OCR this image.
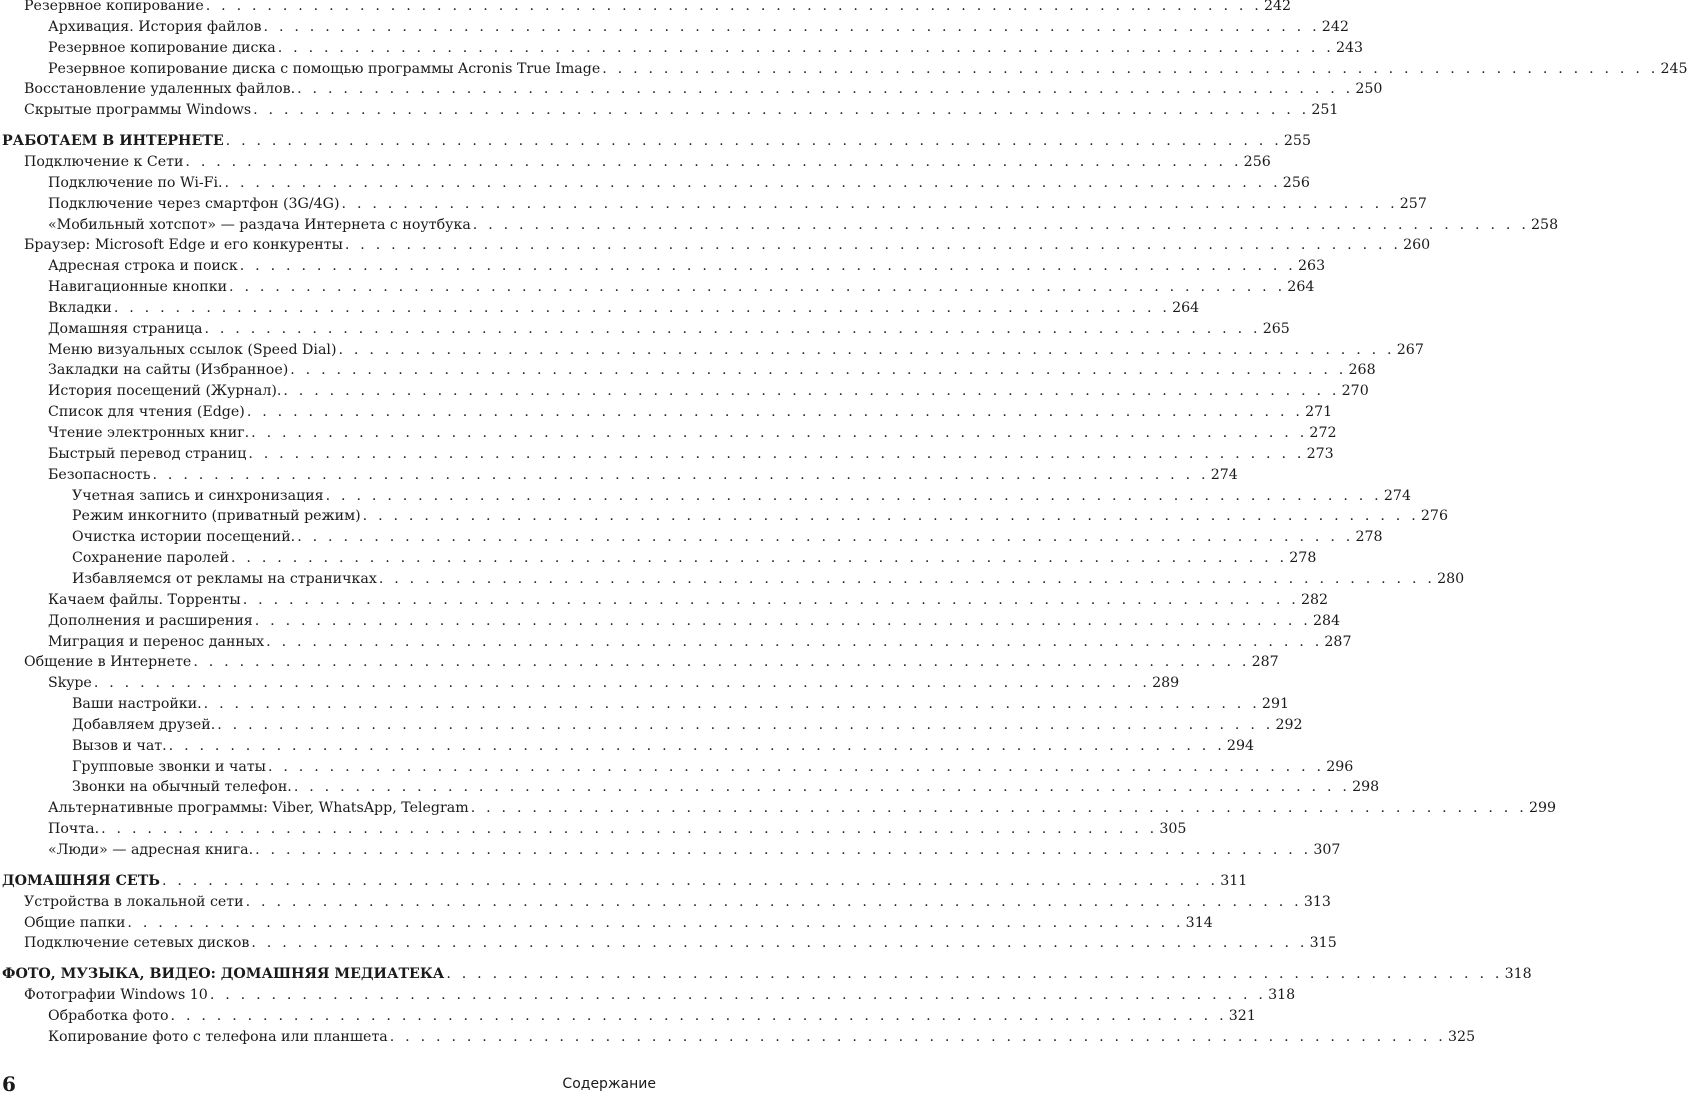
Резервное копирование . . . . . . . . . . . . . . . . . . . . . . . . . . . . . . . . . . . . . . . . . . . . . . . . . . . . . . . . . . . . . . . . . . . . . 242
Архивация. История файлов . . . . . . . . . . . . . . . . . . . . . . . . . . . . . . . . . . . . . . . . . . . . . . . . . . . . . . . . . . . . . . . . . . . . . 242
Резервное копирование диска . . . . . . . . . . . . . . . . . . . . . . . . . . . . . . . . . . . . . . . . . . . . . . . . . . . . . . . . . . . . . . . . . . . . . 243
Резервное копирование диска с помощью программы Acronis True Image . . . . . . . . . . . . . . . . . . . . . . . . . . . . . . . . . . . . . . . . . . . . . . . . . . . . . . . . . . . . . . . . . . . . . 245
Восстановление удаленных файлов. . . . . . . . . . . . . . . . . . . . . . . . . . . . . . . . . . . . . . . . . . . . . . . . . . . . . . . . . . . . . . . . . . . . . . 250
Скрытые программы Windows . . . . . . . . . . . . . . . . . . . . . . . . . . . . . . . . . . . . . . . . . . . . . . . . . . . . . . . . . . . . . . . . . . . . . 251
РАБОТАЕМ В ИНТЕРНЕТЕ . . . . . . . . . . . . . . . . . . . . . . . . . . . . . . . . . . . . . . . . . . . . . . . . . . . . . . . . . . . . . . . . . . . . . 255
Подключение к Сети . . . . . . . . . . . . . . . . . . . . . . . . . . . . . . . . . . . . . . . . . . . . . . . . . . . . . . . . . . . . . . . . . . . . . 256
Подключение по Wi-Fi. . . . . . . . . . . . . . . . . . . . . . . . . . . . . . . . . . . . . . . . . . . . . . . . . . . . . . . . . . . . . . . . . . . . . . 256
Подключение через смартфон (3G/4G) . . . . . . . . . . . . . . . . . . . . . . . . . . . . . . . . . . . . . . . . . . . . . . . . . . . . . . . . . . . . . . . . . . . . . 257
«Мобильный хотспот» — раздача Интернета с ноутбука . . . . . . . . . . . . . . . . . . . . . . . . . . . . . . . . . . . . . . . . . . . . . . . . . . . . . . . . . . . . . . . . . . . . . 258
Браузер: Microsoft Edge и его конкуренты . . . . . . . . . . . . . . . . . . . . . . . . . . . . . . . . . . . . . . . . . . . . . . . . . . . . . . . . . . . . . . . . . . . . . 260
Адресная строка и поиск . . . . . . . . . . . . . . . . . . . . . . . . . . . . . . . . . . . . . . . . . . . . . . . . . . . . . . . . . . . . . . . . . . . . . 263
Навигационные кнопки . . . . . . . . . . . . . . . . . . . . . . . . . . . . . . . . . . . . . . . . . . . . . . . . . . . . . . . . . . . . . . . . . . . . . 264
Вкладки . . . . . . . . . . . . . . . . . . . . . . . . . . . . . . . . . . . . . . . . . . . . . . . . . . . . . . . . . . . . . . . . . . . . . 264
Домашняя страница . . . . . . . . . . . . . . . . . . . . . . . . . . . . . . . . . . . . . . . . . . . . . . . . . . . . . . . . . . . . . . . . . . . . . 265
Меню визуальных ссылок (Speed Dial) . . . . . . . . . . . . . . . . . . . . . . . . . . . . . . . . . . . . . . . . . . . . . . . . . . . . . . . . . . . . . . . . . . . . . 267
Закладки на сайты (Избранное) . . . . . . . . . . . . . . . . . . . . . . . . . . . . . . . . . . . . . . . . . . . . . . . . . . . . . . . . . . . . . . . . . . . . . 268
История посещений (Журнал). . . . . . . . . . . . . . . . . . . . . . . . . . . . . . . . . . . . . . . . . . . . . . . . . . . . . . . . . . . . . . . . . . . . . . 270
Список для чтения (Edge) . . . . . . . . . . . . . . . . . . . . . . . . . . . . . . . . . . . . . . . . . . . . . . . . . . . . . . . . . . . . . . . . . . . . . 271
Чтение электронных книг. . . . . . . . . . . . . . . . . . . . . . . . . . . . . . . . . . . . . . . . . . . . . . . . . . . . . . . . . . . . . . . . . . . . . . 272
Быстрый перевод страниц . . . . . . . . . . . . . . . . . . . . . . . . . . . . . . . . . . . . . . . . . . . . . . . . . . . . . . . . . . . . . . . . . . . . . 273
Безопасность . . . . . . . . . . . . . . . . . . . . . . . . . . . . . . . . . . . . . . . . . . . . . . . . . . . . . . . . . . . . . . . . . . . . . 274
Учетная запись и синхронизация . . . . . . . . . . . . . . . . . . . . . . . . . . . . . . . . . . . . . . . . . . . . . . . . . . . . . . . . . . . . . . . . . . . . . 274
Режим инкогнито (приватный режим) . . . . . . . . . . . . . . . . . . . . . . . . . . . . . . . . . . . . . . . . . . . . . . . . . . . . . . . . . . . . . . . . . . . . . 276
Очистка истории посещений. . . . . . . . . . . . . . . . . . . . . . . . . . . . . . . . . . . . . . . . . . . . . . . . . . . . . . . . . . . . . . . . . . . . . . 278
Сохранение паролей . . . . . . . . . . . . . . . . . . . . . . . . . . . . . . . . . . . . . . . . . . . . . . . . . . . . . . . . . . . . . . . . . . . . . 278
Избавляемся от рекламы на страничках . . . . . . . . . . . . . . . . . . . . . . . . . . . . . . . . . . . . . . . . . . . . . . . . . . . . . . . . . . . . . . . . . . . . . 280
Качаем файлы. Торренты . . . . . . . . . . . . . . . . . . . . . . . . . . . . . . . . . . . . . . . . . . . . . . . . . . . . . . . . . . . . . . . . . . . . . 282
Дополнения и расширения . . . . . . . . . . . . . . . . . . . . . . . . . . . . . . . . . . . . . . . . . . . . . . . . . . . . . . . . . . . . . . . . . . . . . 284
Миграция и перенос данных . . . . . . . . . . . . . . . . . . . . . . . . . . . . . . . . . . . . . . . . . . . . . . . . . . . . . . . . . . . . . . . . . . . . . 287
Общение в Интернете . . . . . . . . . . . . . . . . . . . . . . . . . . . . . . . . . . . . . . . . . . . . . . . . . . . . . . . . . . . . . . . . . . . . . 287
Skype . . . . . . . . . . . . . . . . . . . . . . . . . . . . . . . . . . . . . . . . . . . . . . . . . . . . . . . . . . . . . . . . . . . . . 289
Ваши настройки. . . . . . . . . . . . . . . . . . . . . . . . . . . . . . . . . . . . . . . . . . . . . . . . . . . . . . . . . . . . . . . . . . . . . . 291
Добавляем друзей. . . . . . . . . . . . . . . . . . . . . . . . . . . . . . . . . . . . . . . . . . . . . . . . . . . . . . . . . . . . . . . . . . . . . . 292
Вызов и чат. . . . . . . . . . . . . . . . . . . . . . . . . . . . . . . . . . . . . . . . . . . . . . . . . . . . . . . . . . . . . . . . . . . . . . 294
Групповые звонки и чаты . . . . . . . . . . . . . . . . . . . . . . . . . . . . . . . . . . . . . . . . . . . . . . . . . . . . . . . . . . . . . . . . . . . . . 296
Звонки на обычный телефон. . . . . . . . . . . . . . . . . . . . . . . . . . . . . . . . . . . . . . . . . . . . . . . . . . . . . . . . . . . . . . . . . . . . . . 298
Альтернативные программы: Viber, WhatsApp, Telegram . . . . . . . . . . . . . . . . . . . . . . . . . . . . . . . . . . . . . . . . . . . . . . . . . . . . . . . . . . . . . . . . . . . . . 299
Почта. . . . . . . . . . . . . . . . . . . . . . . . . . . . . . . . . . . . . . . . . . . . . . . . . . . . . . . . . . . . . . . . . . . . . . 305
«Люди» — адресная книга. . . . . . . . . . . . . . . . . . . . . . . . . . . . . . . . . . . . . . . . . . . . . . . . . . . . . . . . . . . . . . . . . . . . . . 307
ДОМАШНЯЯ СЕТЬ . . . . . . . . . . . . . . . . . . . . . . . . . . . . . . . . . . . . . . . . . . . . . . . . . . . . . . . . . . . . . . . . . . . . . 311
Устройства в локальной сети . . . . . . . . . . . . . . . . . . . . . . . . . . . . . . . . . . . . . . . . . . . . . . . . . . . . . . . . . . . . . . . . . . . . . 313
Общие папки . . . . . . . . . . . . . . . . . . . . . . . . . . . . . . . . . . . . . . . . . . . . . . . . . . . . . . . . . . . . . . . . . . . . . 314
Подключение сетевых дисков . . . . . . . . . . . . . . . . . . . . . . . . . . . . . . . . . . . . . . . . . . . . . . . . . . . . . . . . . . . . . . . . . . . . . 315
ФОТО, МУЗЫКА, ВИДЕО: ДОМАШНЯЯ МЕДИАТЕКА . . . . . . . . . . . . . . . . . . . . . . . . . . . . . . . . . . . . . . . . . . . . . . . . . . . . . . . . . . . . . . . . . . . . . 318
Фотографии Windows 10 . . . . . . . . . . . . . . . . . . . . . . . . . . . . . . . . . . . . . . . . . . . . . . . . . . . . . . . . . . . . . . . . . . . . . 318
Обработка фото . . . . . . . . . . . . . . . . . . . . . . . . . . . . . . . . . . . . . . . . . . . . . . . . . . . . . . . . . . . . . . . . . . . . . 321
Копирование фото с телефона или планшета . . . . . . . . . . . . . . . . . . . . . . . . . . . . . . . . . . . . . . . . . . . . . . . . . . . . . . . . . . . . . . . . . . . . . 325
6	Содержание
